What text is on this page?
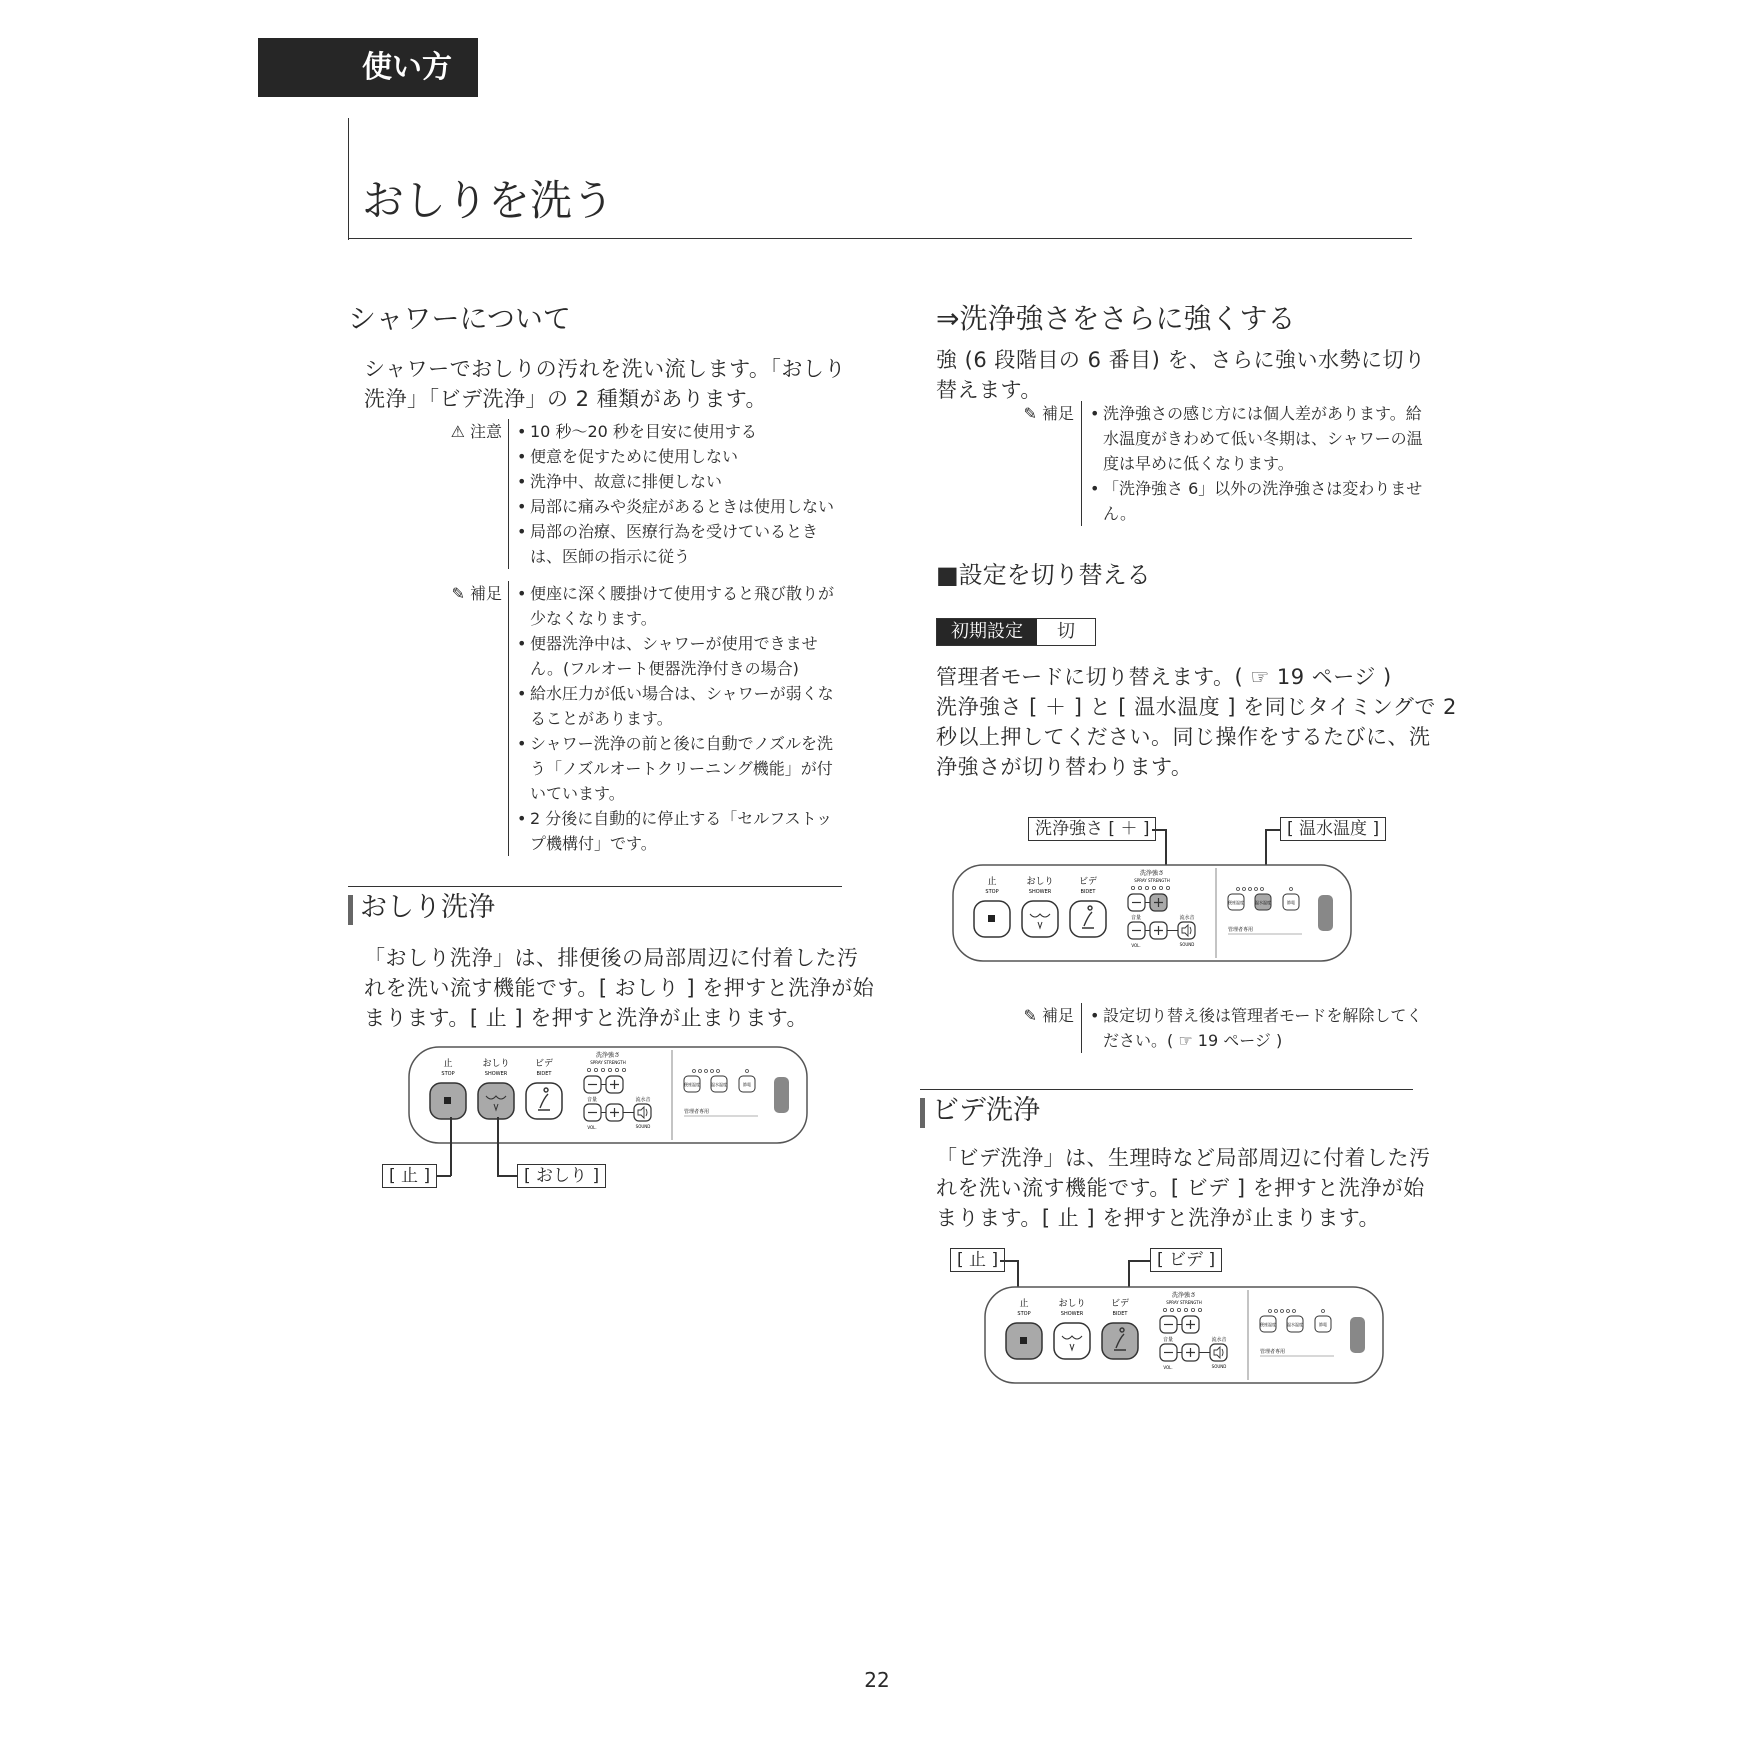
使い方
おしりを洗う
シャワーについて
シャワーでおしりの汚れを洗い流します。「おしり
洗浄」「ビデ洗浄」の 2 種類があります。
⚠ 注意	• 10 秒～20 秒を目安に使用する
• 便意を促すために使用しない
• 洗浄中、故意に排便しない
• 局部に痛みや炎症があるときは使用しない
• 局部の治療、医療行為を受けているときは、医師の指示に従う
✎ 補足	• 便座に深く腰掛けて使用すると飛び散りが少なくなります。
• 便器洗浄中は、シャワーが使用できません。(フルオート便器洗浄付きの場合)
• 給水圧力が低い場合は、シャワーが弱くなることがあります。
• シャワー洗浄の前と後に自動でノズルを洗う「ノズルオートクリーニング機能」が付いています。
• 2 分後に自動的に停止する「セルフストップ機構付」です。
おしり洗浄
「おしり洗浄」は、排便後の局部周辺に付着した汚
れを洗い流す機能です。[ おしり ] を押すと洗浄が始
まります。[ 止 ] を押すと洗浄が止まります。
止
STOP
おしり
SHOWER
ビデ
BIDET
洗浄強さ
SPRAY STRENGTH
音量	流水音
VOL.	SOUND
便座温度	温水温度	節電
管理者専用
[ 止 ]	[ おしり ]
⇒洗浄強さをさらに強くする
強 (6 段階目の 6 番目) を、さらに強い水勢に切り
替えます。
✎ 補足	• 洗浄強さの感じ方には個人差があります。給水温度がきわめて低い冬期は、シャワーの温度は早めに低くなります。
• 「洗浄強さ 6」以外の洗浄強さは変わりません。
■設定を切り替える
初期設定	切
管理者モードに切り替えます。( ☞ 19 ページ )
洗浄強さ [ ＋ ] と [ 温水温度 ] を同じタイミングで 2
秒以上押してください。同じ操作をするたびに、洗
浄強さが切り替わります。
洗浄強さ [ ＋ ]	[ 温水温度 ]
止
STOP
おしり
SHOWER
ビデ
BIDET
洗浄強さ
SPRAY STRENGTH
音量	流水音
VOL.	SOUND
便座温度	温水温度	節電
管理者専用
✎ 補足	• 設定切り替え後は管理者モードを解除してください。( ☞ 19 ページ )
ビデ洗浄
「ビデ洗浄」は、生理時など局部周辺に付着した汚
れを洗い流す機能です。[ ビデ ] を押すと洗浄が始
まります。[ 止 ] を押すと洗浄が止まります。
[ 止 ]	[ ビデ ]
止
STOP
おしり
SHOWER
ビデ
BIDET
洗浄強さ
SPRAY STRENGTH
音量	流水音
VOL.	SOUND
便座温度	温水温度	節電
管理者専用
22
